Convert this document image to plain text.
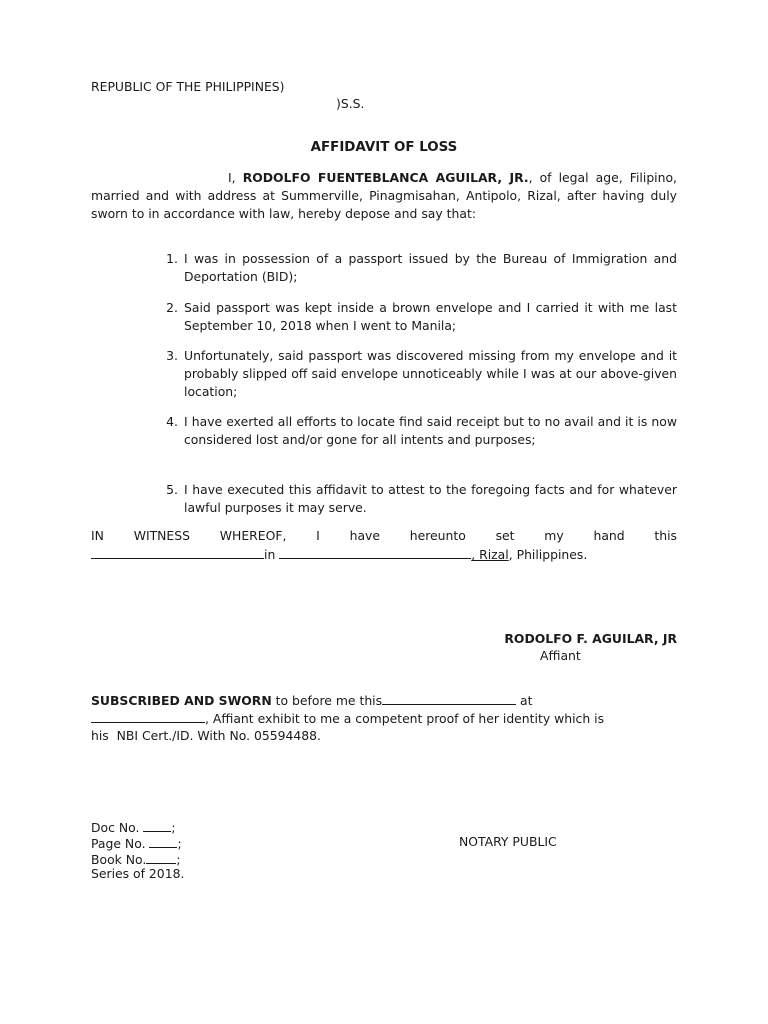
REPUBLIC OF THE PHILIPPINES)
)S.S.
AFFIDAVIT OF LOSS
I, RODOLFO FUENTEBLANCA AGUILAR, JR., of legal age, Filipino, married and with address at Summerville, Pinagmisahan, Antipolo, Rizal, after having duly sworn to in accordance with law, hereby depose and say that:
1. I was in possession of a passport issued by the Bureau of Immigration and Deportation (BID);
2. Said passport was kept inside a brown envelope and I carried it with me last September 10, 2018 when I went to Manila;
3. Unfortunately, said passport was discovered missing from my envelope and it probably slipped off said envelope unnoticeably while I was at our above-given location;
4. I have exerted all efforts to locate find said receipt but to no avail and it is now considered lost and/or gone for all intents and purposes;
5. I have executed this affidavit to attest to the foregoing facts and for whatever lawful purposes it may serve.
IN WITNESS WHEREOF, I have hereunto set my hand this
in	, Rizal, Philippines.
RODOLFO F. AGUILAR, JR
Affiant
SUBSCRIBED AND SWORN to before me this	at
, Affiant exhibit to me a competent proof of her identity which is
his  NBI Cert./ID. With No. 05594488.
Doc No.	;
Page No.	;
Book No. ;
Series of 2018.
NOTARY PUBLIC
